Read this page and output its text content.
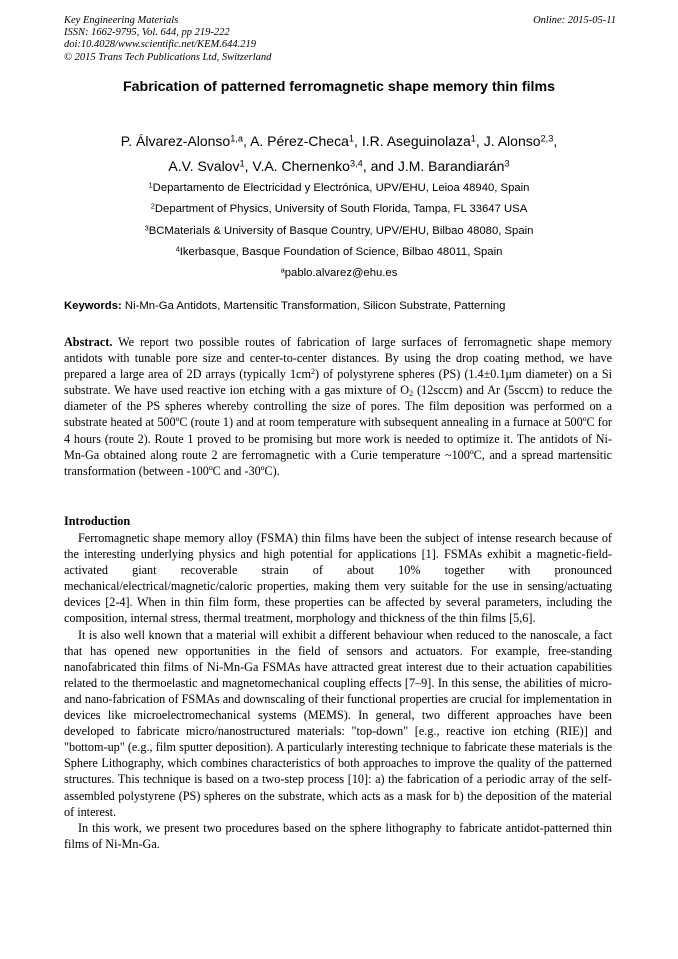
Key Engineering Materials
ISSN: 1662-9795, Vol. 644, pp 219-222
doi:10.4028/www.scientific.net/KEM.644.219
© 2015 Trans Tech Publications Ltd, Switzerland
Online: 2015-05-11
Fabrication of patterned ferromagnetic shape memory thin films
P. Álvarez-Alonso$^{1,a}$, A. Pérez-Checa$^1$, I.R. Aseguinolaza$^1$, J. Alonso$^{2,3}$,
A.V. Svalov$^1$, V.A. Chernenko$^{3,4}$, and J.M. Barandiarán$^3$
$^1$Departamento de Electricidad y Electrónica, UPV/EHU, Leioa 48940, Spain
$^2$Department of Physics, University of South Florida, Tampa, FL 33647 USA
$^3$BCMaterials & University of Basque Country, UPV/EHU, Bilbao 48080, Spain
$^4$Ikerbasque, Basque Foundation of Science, Bilbao 48011, Spain
$^a$pablo.alvarez@ehu.es
Keywords: Ni-Mn-Ga Antidots, Martensitic Transformation, Silicon Substrate, Patterning
Abstract. We report two possible routes of fabrication of large surfaces of ferromagnetic shape memory antidots with tunable pore size and center-to-center distances. By using the drop coating method, we have prepared a large area of 2D arrays (typically $1cm^2$) of polystyrene spheres (PS) (1.4±0.1μm diameter) on a Si substrate. We have used reactive ion etching with a gas mixture of $O_2$ (12sccm) and Ar (5sccm) to reduce the diameter of the PS spheres whereby controlling the size of pores. The film deposition was performed on a substrate heated at 500ºC (route 1) and at room temperature with subsequent annealing in a furnace at 500ºC for 4 hours (route 2). Route 1 proved to be promising but more work is needed to optimize it. The antidots of Ni-Mn-Ga obtained along route 2 are ferromagnetic with a Curie temperature ~100ºC, and a spread martensitic transformation (between -100ºC and -30ºC).
Introduction

Ferromagnetic shape memory alloy (FSMA) thin films have been the subject of intense research because of the interesting underlying physics and high potential for applications [1]. FSMAs exhibit a magnetic-field-activated giant recoverable strain of about 10% together with pronounced mechanical/electrical/magnetic/caloric properties, making them very suitable for the use in sensing/actuating devices [2-4]. When in thin film form, these properties can be affected by several parameters, including the composition, internal stress, thermal treatment, morphology and thickness of the thin films [5,6].

It is also well known that a material will exhibit a different behaviour when reduced to the nanoscale, a fact that has opened new opportunities in the field of sensors and actuators. For example, free-standing nanofabricated thin films of Ni-Mn-Ga FSMAs have attracted great interest due to their actuation capabilities related to the thermoelastic and magnetomechanical coupling effects [7–9]. In this sense, the abilities of micro- and nano-fabrication of FSMAs and downscaling of their functional properties are crucial for implementation in devices like microelectromechanical systems (MEMS). In general, two different approaches have been developed to fabricate micro/nanostructured materials: "top-down" [e.g., reactive ion etching (RIE)] and "bottom-up" (e.g., film sputter deposition). A particularly interesting technique to fabricate these materials is the Sphere Lithography, which combines characteristics of both approaches to improve the quality of the patterned structures. This technique is based on a two-step process [10]: a) the fabrication of a periodic array of the self-assembled polystyrene (PS) spheres on the substrate, which acts as a mask for b) the deposition of the material of interest.

In this work, we present two procedures based on the sphere lithography to fabricate antidot-patterned thin films of Ni-Mn-Ga.
